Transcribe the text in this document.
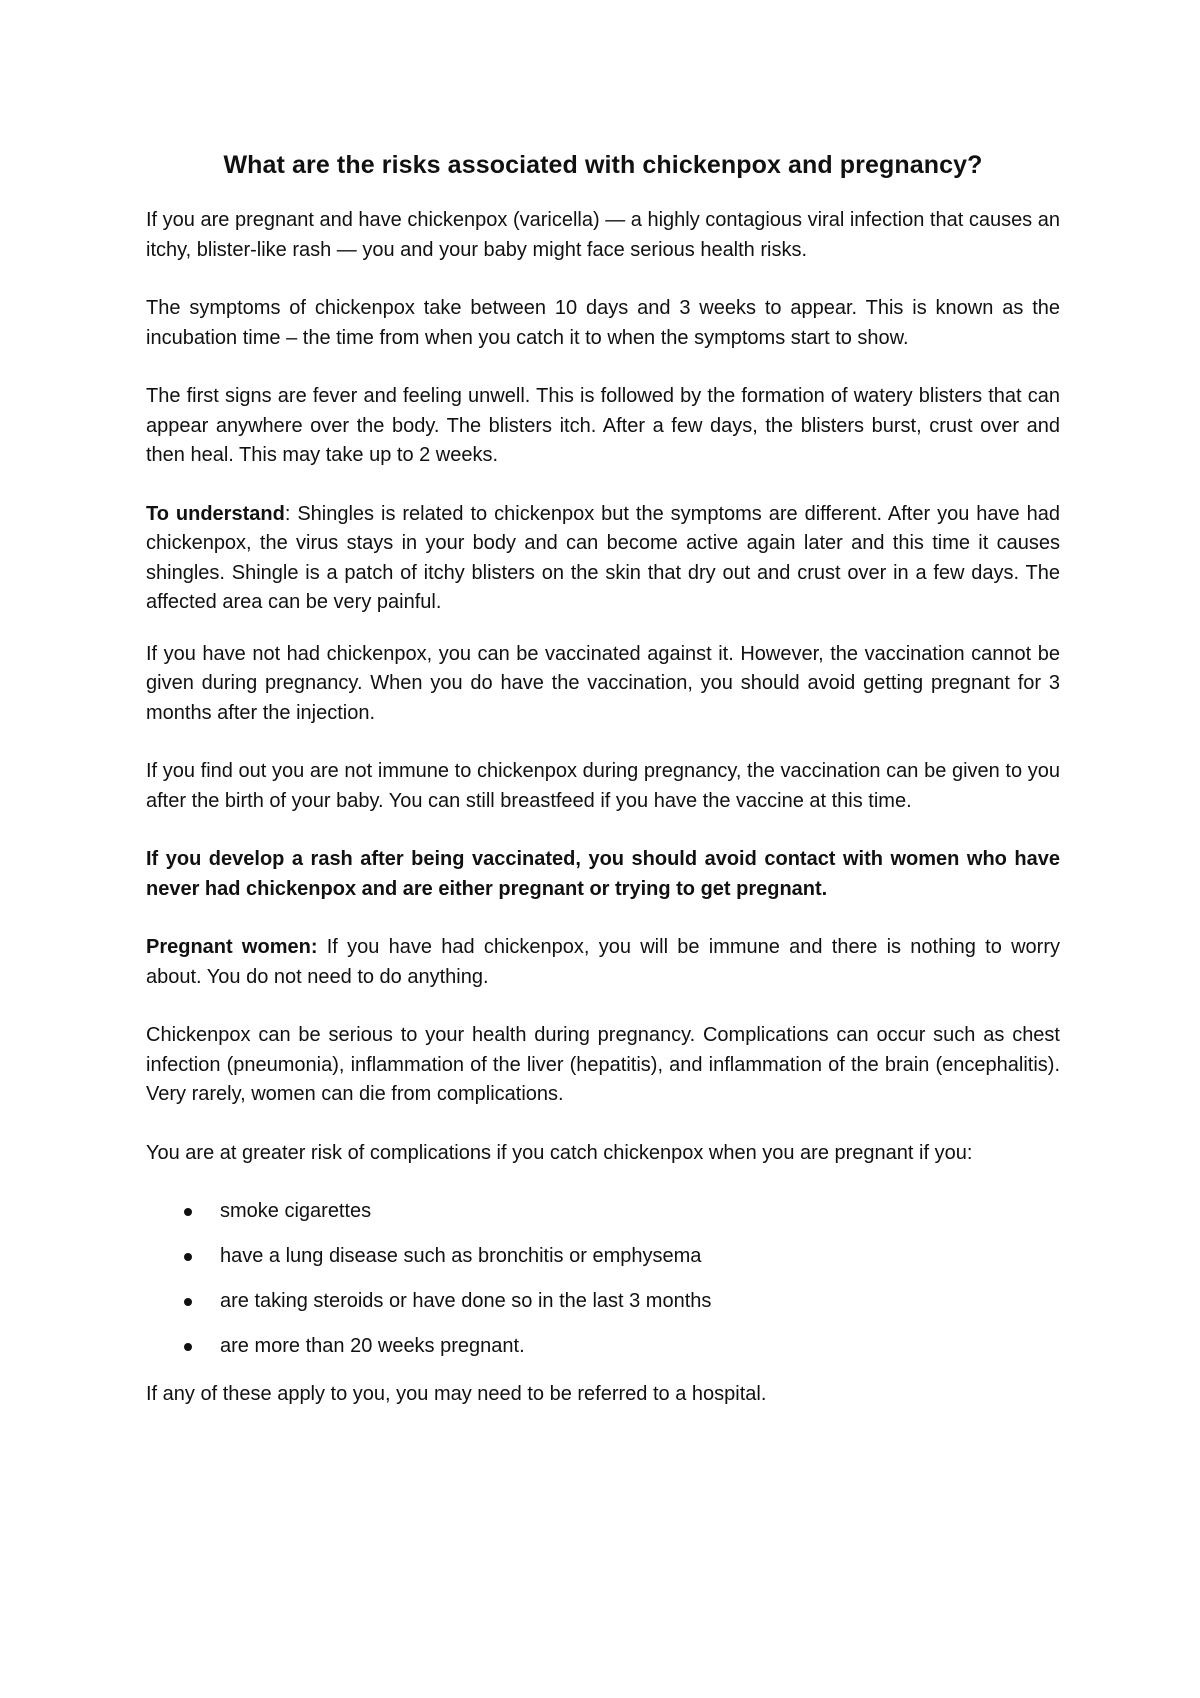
What are the risks associated with chickenpox and pregnancy?

If you are pregnant and have chickenpox (varicella) — a highly contagious viral infection that causes an itchy, blister-like rash — you and your baby might face serious health risks.

The symptoms of chickenpox take between 10 days and 3 weeks to appear. This is known as the incubation time – the time from when you catch it to when the symptoms start to show.

The first signs are fever and feeling unwell. This is followed by the formation of watery blisters that can appear anywhere over the body. The blisters itch. After a few days, the blisters burst, crust over and then heal. This may take up to 2 weeks.

To understand: Shingles is related to chickenpox but the symptoms are different. After you have had chickenpox, the virus stays in your body and can become active again later and this time it causes shingles. Shingle is a patch of itchy blisters on the skin that dry out and crust over in a few days. The affected area can be very painful.

If you have not had chickenpox, you can be vaccinated against it. However, the vaccination cannot be given during pregnancy. When you do have the vaccination, you should avoid getting pregnant for 3 months after the injection.

If you find out you are not immune to chickenpox during pregnancy, the vaccination can be given to you after the birth of your baby. You can still breastfeed if you have the vaccine at this time.

If you develop a rash after being vaccinated, you should avoid contact with women who have never had chickenpox and are either pregnant or trying to get pregnant.

Pregnant women: If you have had chickenpox, you will be immune and there is nothing to worry about. You do not need to do anything.

Chickenpox can be serious to your health during pregnancy. Complications can occur such as chest infection (pneumonia), inflammation of the liver (hepatitis), and inflammation of the brain (encephalitis). Very rarely, women can die from complications.

You are at greater risk of complications if you catch chickenpox when you are pregnant if you:

smoke cigarettes
have a lung disease such as bronchitis or emphysema
are taking steroids or have done so in the last 3 months
are more than 20 weeks pregnant.

If any of these apply to you, you may need to be referred to a hospital.
